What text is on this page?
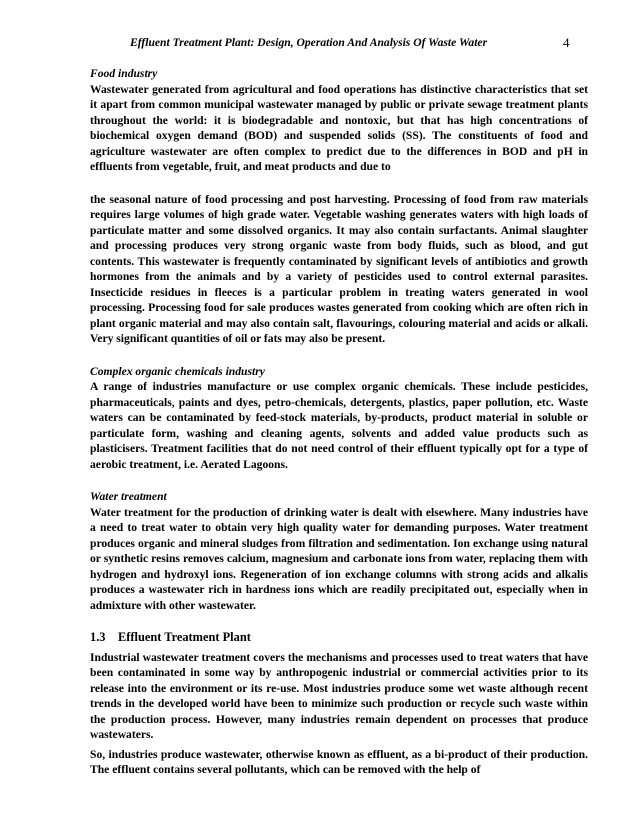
Effluent Treatment Plant: Design, Operation And Analysis Of Waste Water	4

Food industry

Wastewater generated from agricultural and food operations has distinctive characteristics that set it apart from common municipal wastewater managed by public or private sewage treatment plants throughout the world: it is biodegradable and nontoxic, but that has high concentrations of biochemical oxygen demand (BOD) and suspended solids (SS). The constituents of food and agriculture wastewater are often complex to predict due to the differences in BOD and pH in effluents from vegetable, fruit, and meat products and due to

the seasonal nature of food processing and post harvesting. Processing of food from raw materials requires large volumes of high grade water. Vegetable washing generates waters with high loads of particulate matter and some dissolved organics. It may also contain surfactants. Animal slaughter and processing produces very strong organic waste from body fluids, such as blood, and gut contents. This wastewater is frequently contaminated by significant levels of antibiotics and growth hormones from the animals and by a variety of pesticides used to control external parasites. Insecticide residues in fleeces is a particular problem in treating waters generated in wool processing. Processing food for sale produces wastes generated from cooking which are often rich in plant organic material and may also contain salt, flavourings, colouring material and acids or alkali. Very significant quantities of oil or fats may also be present.

Complex organic chemicals industry

A range of industries manufacture or use complex organic chemicals. These include pesticides, pharmaceuticals, paints and dyes, petro-chemicals, detergents, plastics, paper pollution, etc. Waste waters can be contaminated by feed-stock materials, by-products, product material in soluble or particulate form, washing and cleaning agents, solvents and added value products such as plasticisers. Treatment facilities that do not need control of their effluent typically opt for a type of aerobic treatment, i.e. Aerated Lagoons.

Water treatment

Water treatment for the production of drinking water is dealt with elsewhere. Many industries have a need to treat water to obtain very high quality water for demanding purposes. Water treatment produces organic and mineral sludges from filtration and sedimentation. Ion exchange using natural or synthetic resins removes calcium, magnesium and carbonate ions from water, replacing them with hydrogen and hydroxyl ions. Regeneration of ion exchange columns with strong acids and alkalis produces a wastewater rich in hardness ions which are readily precipitated out, especially when in admixture with other wastewater.

1.3 Effluent Treatment Plant

Industrial wastewater treatment covers the mechanisms and processes used to treat waters that have been contaminated in some way by anthropogenic industrial or commercial activities prior to its release into the environment or its re-use. Most industries produce some wet waste although recent trends in the developed world have been to minimize such production or recycle such waste within the production process. However, many industries remain dependent on processes that produce wastewaters.

So, industries produce wastewater, otherwise known as effluent, as a bi-product of their production. The effluent contains several pollutants, which can be removed with the help of
